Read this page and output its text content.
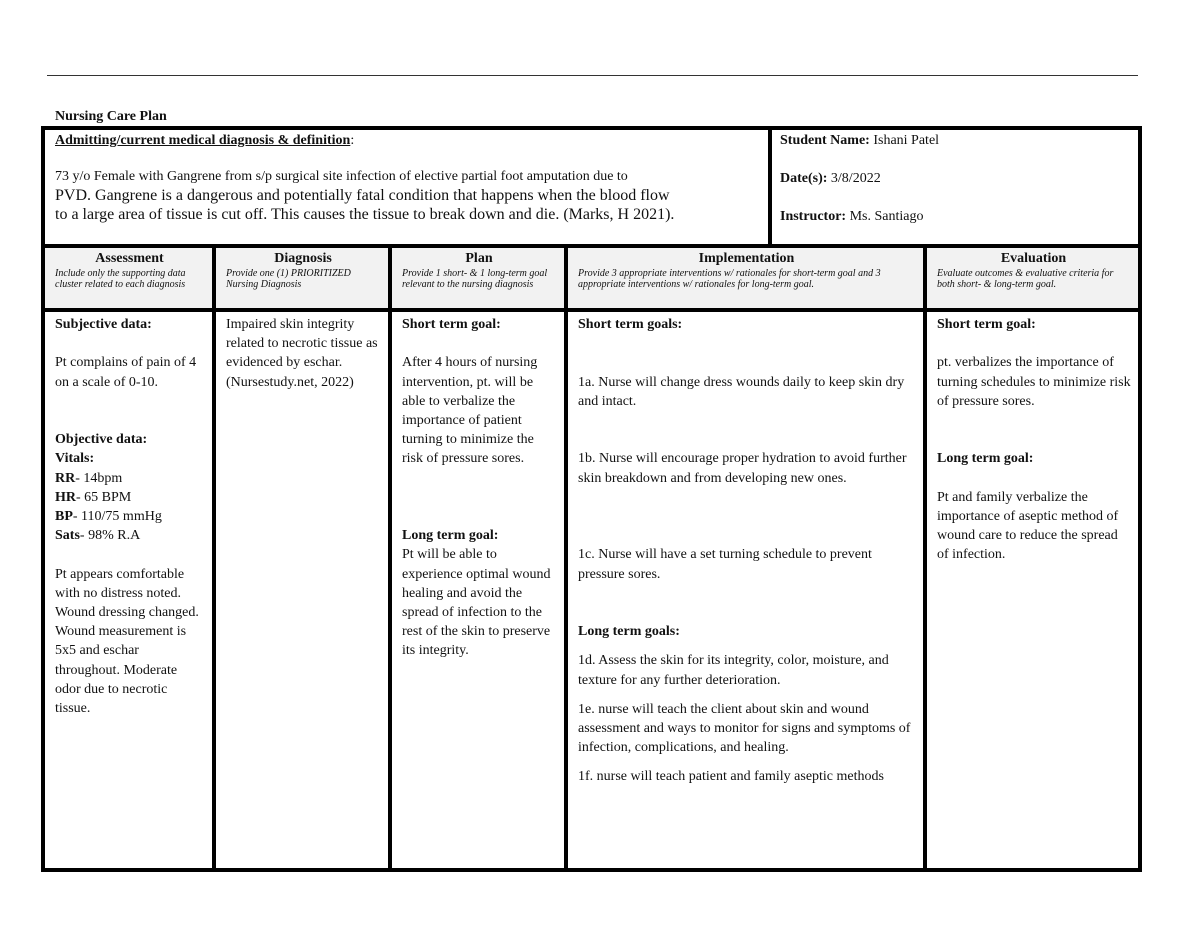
Nursing Care Plan
Admitting/current medical diagnosis & definition:
73 y/o Female with Gangrene from s/p surgical site infection of elective partial foot amputation due to
PVD. Gangrene is a dangerous and potentially fatal condition that happens when the blood flow
to a large area of tissue is cut off. This causes the tissue to break down and die. (Marks, H 2021).
Student Name: Ishani Patel
Date(s): 3/8/2022
Instructor: Ms. Santiago
Assessment
Include only the supporting data cluster related to each diagnosis
Diagnosis
Provide one (1) PRIORITIZED Nursing Diagnosis
Plan
Provide 1 short- & 1 long-term goal relevant to the nursing diagnosis
Implementation
Provide 3 appropriate interventions w/ rationales for short-term goal and 3 appropriate interventions w/ rationales for long-term goal.
Evaluation
Evaluate outcomes & evaluative criteria for both short- & long-term goal.
Subjective data:
Pt complains of pain of 4 on a scale of 0-10.
Objective data:
Vitals:
RR- 14bpm
HR- 65 BPM
BP- 110/75 mmHg
Sats- 98% R.A
Pt appears comfortable with no distress noted. Wound dressing changed. Wound measurement is 5x5 and eschar throughout. Moderate odor due to necrotic tissue.
Impaired skin integrity related to necrotic tissue as evidenced by eschar. (Nursestudy.net, 2022)
Short term goal:
After 4 hours of nursing intervention, pt. will be able to verbalize the importance of patient turning to minimize the risk of pressure sores.
Long term goal:
Pt will be able to experience optimal wound healing and avoid the spread of infection to the rest of the skin to preserve its integrity.
Short term goals:
1a. Nurse will change dress wounds daily to keep skin dry and intact.
1b. Nurse will encourage proper hydration to avoid further skin breakdown and from developing new ones.
1c. Nurse will have a set turning schedule to prevent pressure sores.
Long term goals:
1d. Assess the skin for its integrity, color, moisture, and texture for any further deterioration.
1e. nurse will teach the client about skin and wound assessment and ways to monitor for signs and symptoms of infection, complications, and healing.
1f. nurse will teach patient and family aseptic methods
Short term goal:
pt. verbalizes the importance of turning schedules to minimize risk of pressure sores.
Long term goal:
Pt and family verbalize the importance of aseptic method of wound care to reduce the spread of infection.
